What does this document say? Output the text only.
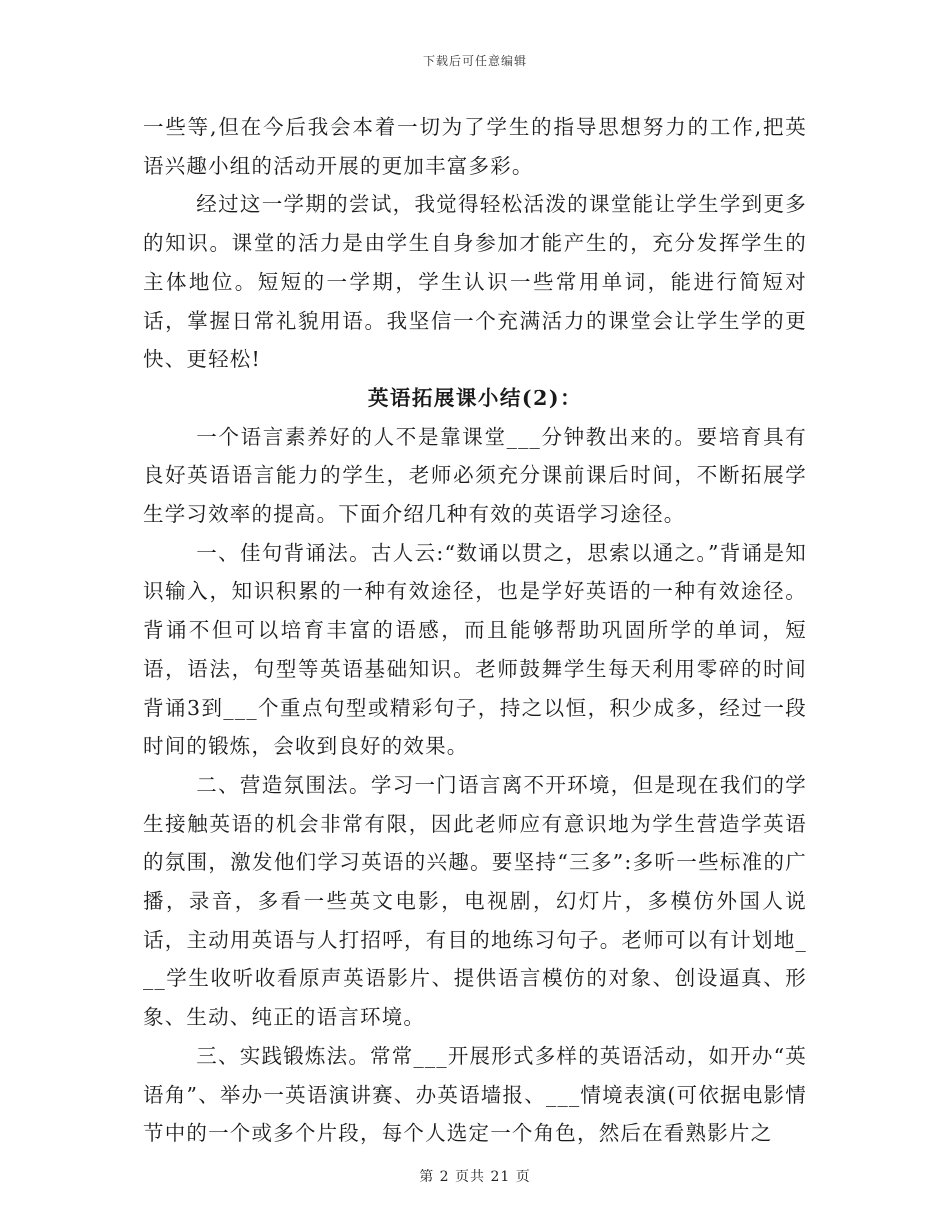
下载后可任意编辑

一些等,但在今后我会本着一切为了学生的指导思想努力的工作,把英语兴趣小组的活动开展的更加丰富多彩。

经过这一学期的尝试，我觉得轻松活泼的课堂能让学生学到更多的知识。课堂的活力是由学生自身参加才能产生的，充分发挥学生的主体地位。短短的一学期，学生认识一些常用单词，能进行简短对话，掌握日常礼貌用语。我坚信一个充满活力的课堂会让学生学的更快、更轻松!

英语拓展课小结(2)：

一个语言素养好的人不是靠课堂___分钟教出来的。要培育具有良好英语语言能力的学生，老师必须充分课前课后时间，不断拓展学生学习效率的提高。下面介绍几种有效的英语学习途径。

一、佳句背诵法。古人云:“数诵以贯之，思索以通之。”背诵是知识输入，知识积累的一种有效途径，也是学好英语的一种有效途径。背诵不但可以培育丰富的语感，而且能够帮助巩固所学的单词，短语，语法，句型等英语基础知识。老师鼓舞学生每天利用零碎的时间背诵3到___个重点句型或精彩句子，持之以恒，积少成多，经过一段时间的锻炼，会收到良好的效果。

二、营造氛围法。学习一门语言离不开环境，但是现在我们的学生接触英语的机会非常有限，因此老师应有意识地为学生营造学英语的氛围，激发他们学习英语的兴趣。要坚持“三多”:多听一些标准的广播，录音，多看一些英文电影，电视剧，幻灯片，多模仿外国人说话，主动用英语与人打招呼，有目的地练习句子。老师可以有计划地___学生收听收看原声英语影片、提供语言模仿的对象、创设逼真、形象、生动、纯正的语言环境。

三、实践锻炼法。常常___开展形式多样的英语活动，如开办“英语角”、举办一英语演讲赛、办英语墙报、___情境表演(可依据电影情节中的一个或多个片段，每个人选定一个角色，然后在看熟影片之

第 2 页共 21 页
